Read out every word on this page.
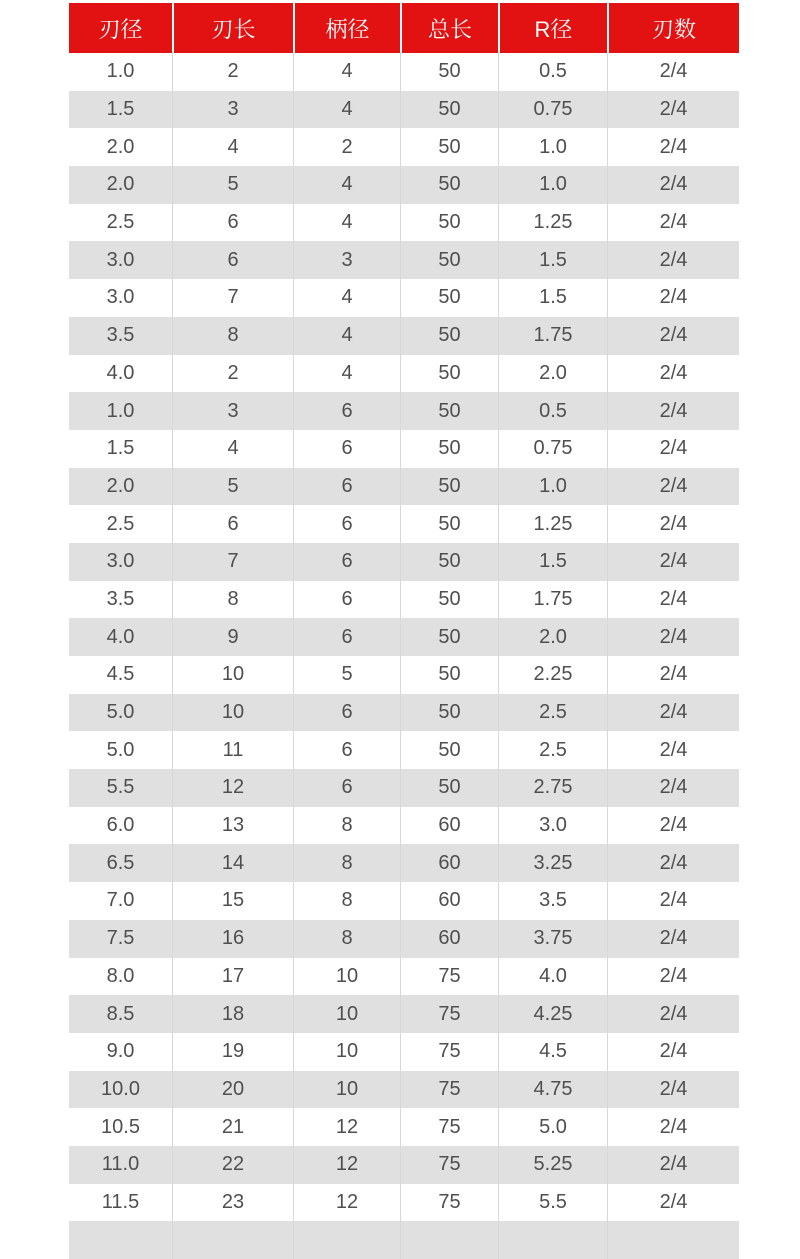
刃径	刃长	柄径	总长	R径	刃数
1.0	2	4	50	0.5	2/4
1.5	3	4	50	0.75	2/4
2.0	4	2	50	1.0	2/4
2.0	5	4	50	1.0	2/4
2.5	6	4	50	1.25	2/4
3.0	6	3	50	1.5	2/4
3.0	7	4	50	1.5	2/4
3.5	8	4	50	1.75	2/4
4.0	2	4	50	2.0	2/4
1.0	3	6	50	0.5	2/4
1.5	4	6	50	0.75	2/4
2.0	5	6	50	1.0	2/4
2.5	6	6	50	1.25	2/4
3.0	7	6	50	1.5	2/4
3.5	8	6	50	1.75	2/4
4.0	9	6	50	2.0	2/4
4.5	10	5	50	2.25	2/4
5.0	10	6	50	2.5	2/4
5.0	11	6	50	2.5	2/4
5.5	12	6	50	2.75	2/4
6.0	13	8	60	3.0	2/4
6.5	14	8	60	3.25	2/4
7.0	15	8	60	3.5	2/4
7.5	16	8	60	3.75	2/4
8.0	17	10	75	4.0	2/4
8.5	18	10	75	4.25	2/4
9.0	19	10	75	4.5	2/4
10.0	20	10	75	4.75	2/4
10.5	21	12	75	5.0	2/4
11.0	22	12	75	5.25	2/4
11.5	23	12	75	5.5	2/4
